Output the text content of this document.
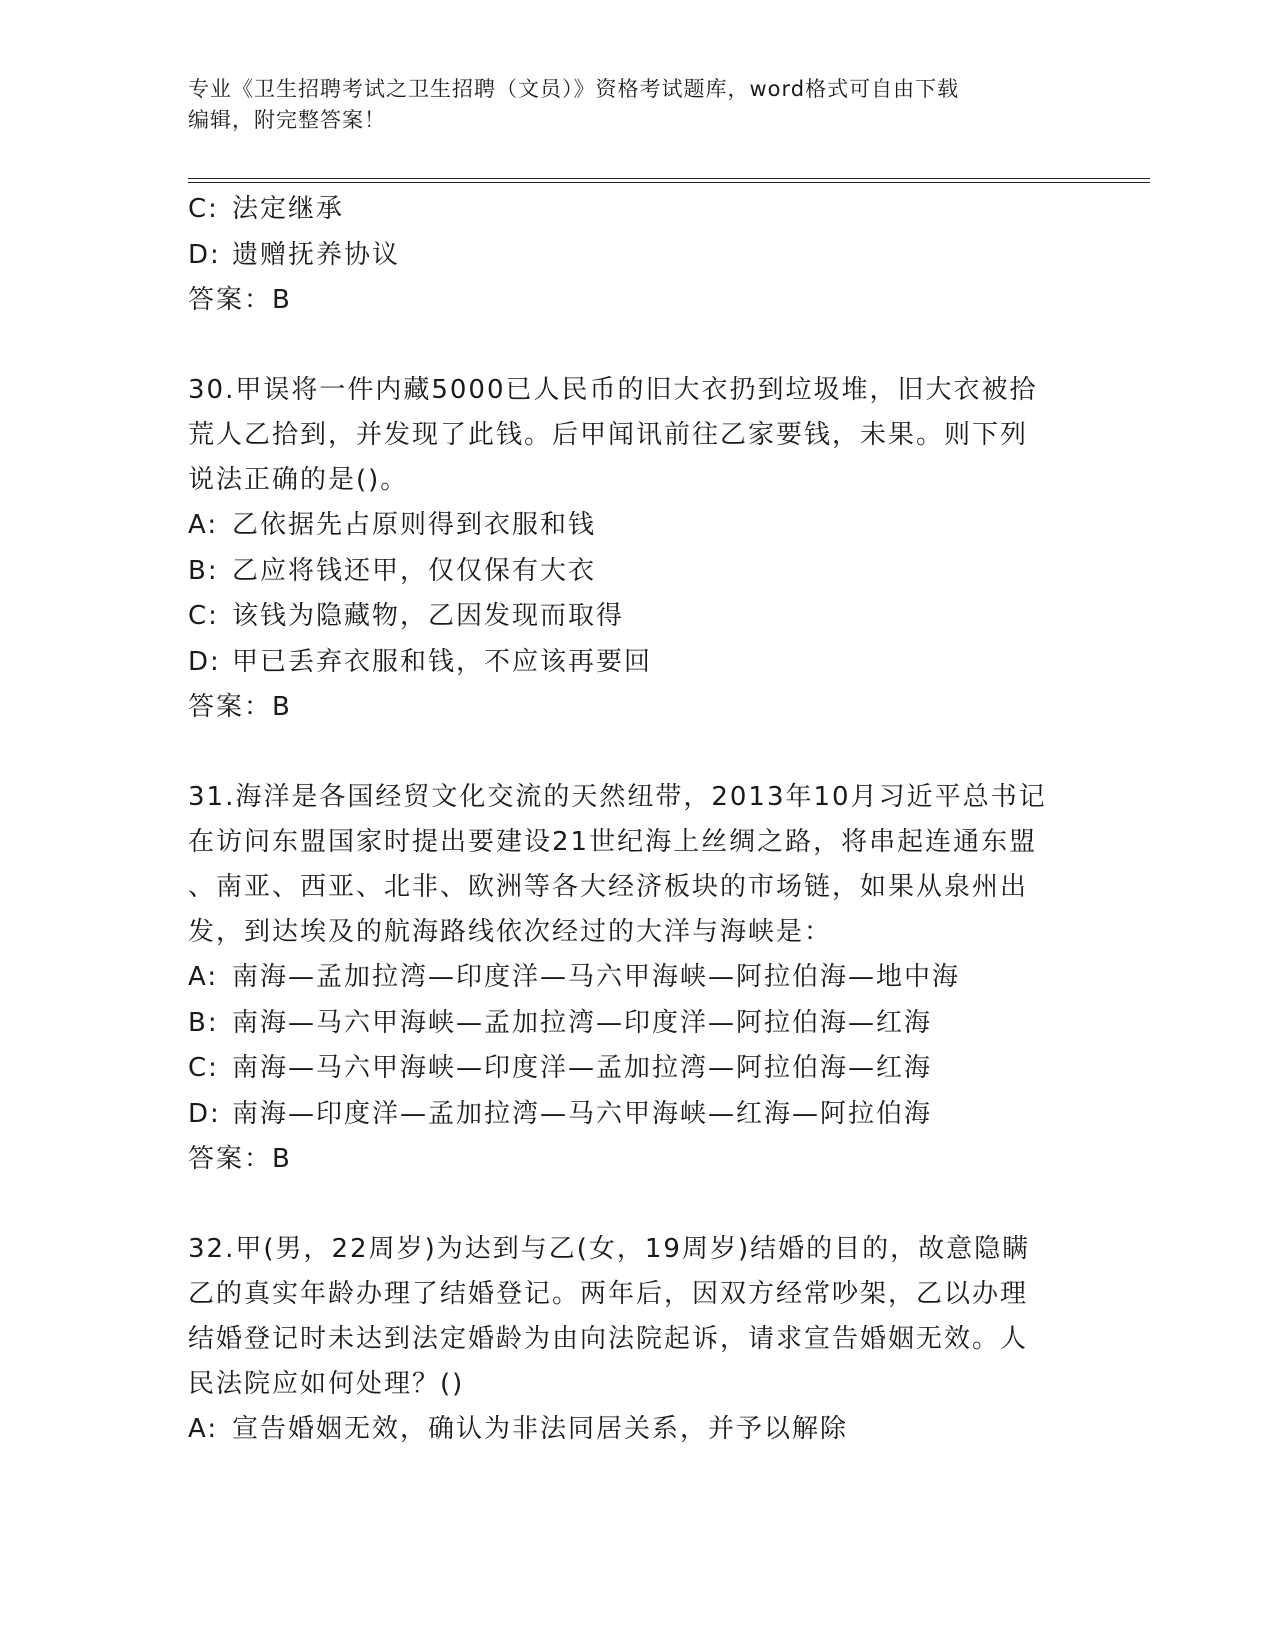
专业《卫生招聘考试之卫生招聘（文员）》资格考试题库，word格式可自由下载
编辑，附完整答案！
C: 法定继承
D: 遗赠抚养协议
答案：B
30.甲误将一件内藏5000已人民币的旧大衣扔到垃圾堆，旧大衣被拾
荒人乙拾到，并发现了此钱。后甲闻讯前往乙家要钱，未果。则下列
说法正确的是()。
A: 乙依据先占原则得到衣服和钱
B: 乙应将钱还甲，仅仅保有大衣
C: 该钱为隐藏物，乙因发现而取得
D: 甲已丢弃衣服和钱，不应该再要回
答案：B
31.海洋是各国经贸文化交流的天然纽带，2013年10月习近平总书记
在访问东盟国家时提出要建设21世纪海上丝绸之路，将串起连通东盟
、南亚、西亚、北非、欧洲等各大经济板块的市场链，如果从泉州出
发，到达埃及的航海路线依次经过的大洋与海峡是：
A: 南海—孟加拉湾—印度洋—马六甲海峡—阿拉伯海—地中海
B: 南海—马六甲海峡—孟加拉湾—印度洋—阿拉伯海—红海
C: 南海—马六甲海峡—印度洋—孟加拉湾—阿拉伯海—红海
D: 南海—印度洋—孟加拉湾—马六甲海峡—红海—阿拉伯海
答案：B
32.甲(男，22周岁)为达到与乙(女，19周岁)结婚的目的，故意隐瞒
乙的真实年龄办理了结婚登记。两年后，因双方经常吵架，乙以办理
结婚登记时未达到法定婚龄为由向法院起诉，请求宣告婚姻无效。人
民法院应如何处理？()
A: 宣告婚姻无效，确认为非法同居关系，并予以解除
